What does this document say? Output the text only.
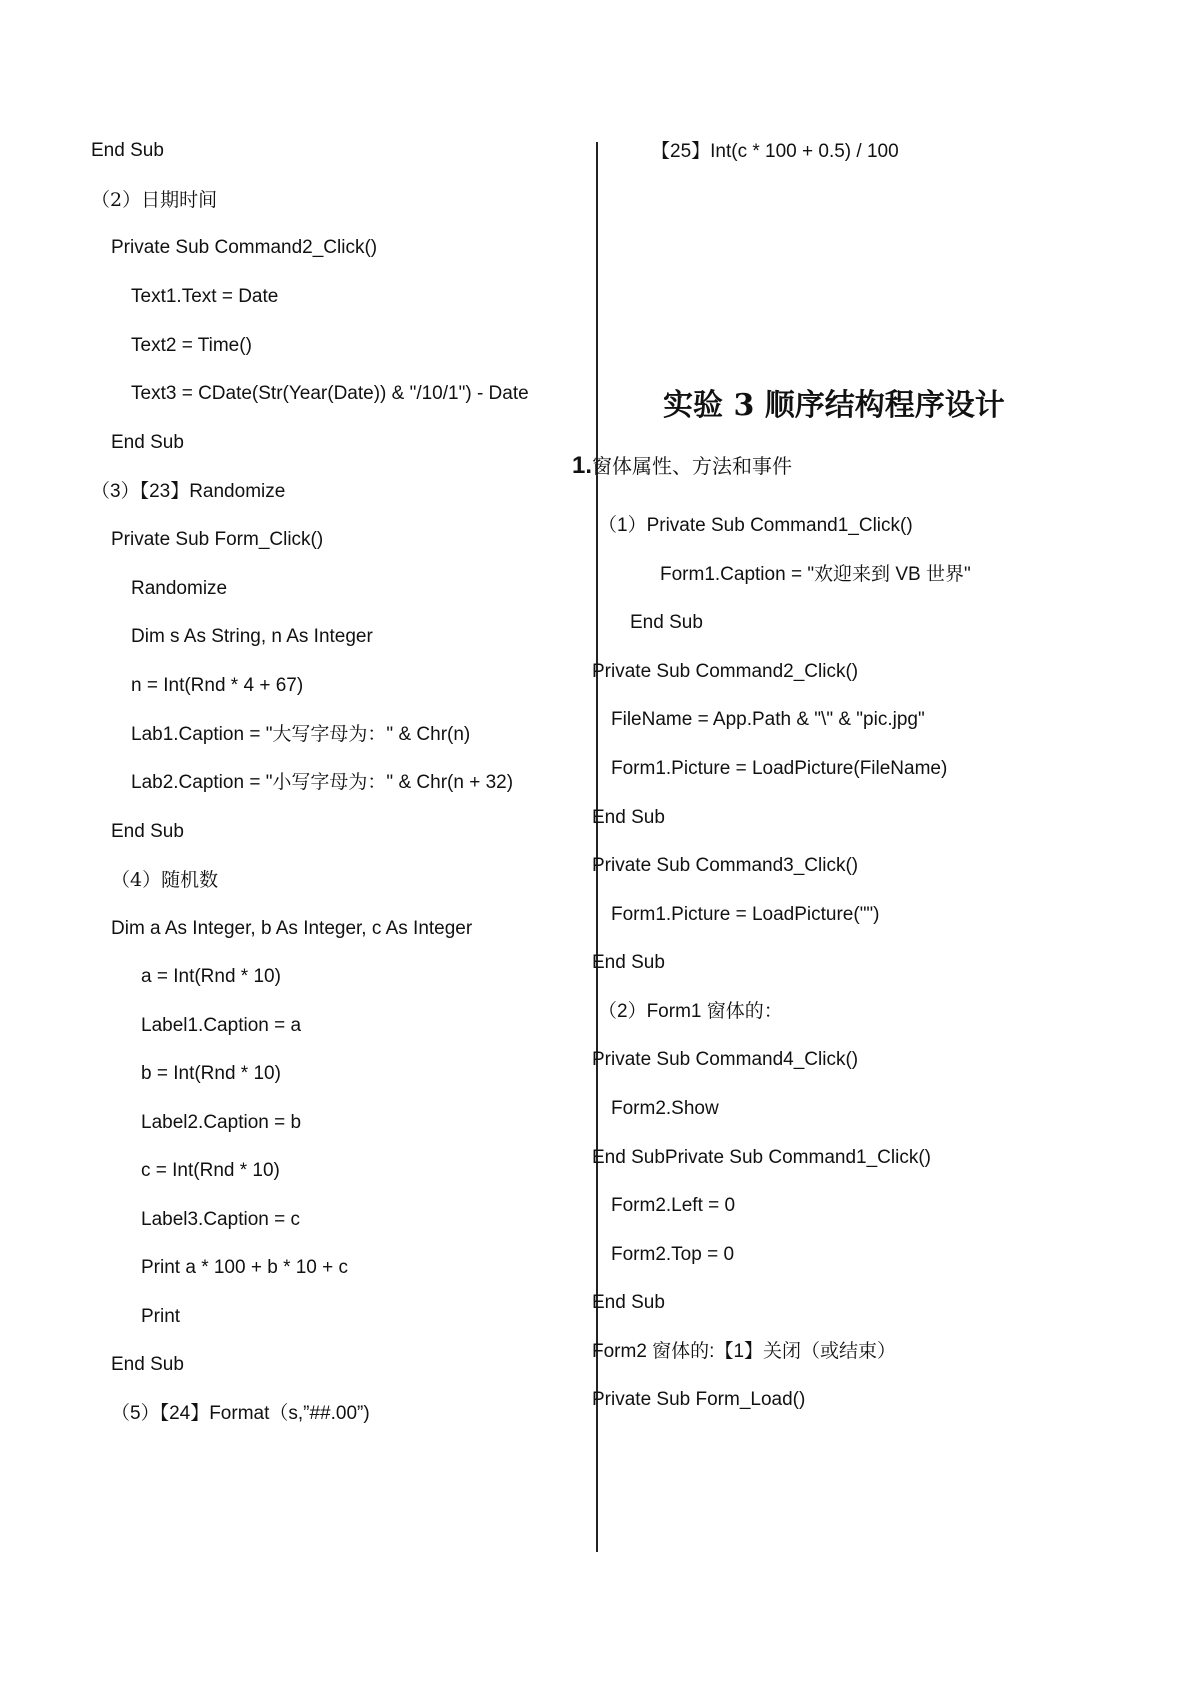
End Sub
（2）日期时间
Private Sub Command2_Click()
Text1.Text = Date
Text2 = Time()
Text3 = CDate(Str(Year(Date)) & "/10/1") - Date
End Sub
（3）【23】Randomize
Private Sub Form_Click()
Randomize
Dim s As String, n As Integer
n = Int(Rnd * 4 + 67)
Lab1.Caption = "大写字母为：" & Chr(n)
Lab2.Caption = "小写字母为：" & Chr(n + 32)
End Sub
（4）随机数
Dim a As Integer, b As Integer, c As Integer
a = Int(Rnd * 10)
Label1.Caption = a
b = Int(Rnd * 10)
Label2.Caption = b
c = Int(Rnd * 10)
Label3.Caption = c
Print a * 100 + b * 10 + c
Print
End Sub
（5）【24】Format（s,”##.00”)
【25】Int(c * 100 + 0.5) / 100
实验 3 顺序结构程序设计
1.窗体属性、方法和事件
（1）Private Sub Command1_Click()
Form1.Caption = "欢迎来到 VB 世界"
End Sub
Private Sub Command2_Click()
FileName = App.Path & "\" & "pic.jpg"
Form1.Picture = LoadPicture(FileName)
End Sub
Private Sub Command3_Click()
Form1.Picture = LoadPicture("")
End Sub
（2）Form1 窗体的：
Private Sub Command4_Click()
Form2.Show
End SubPrivate Sub Command1_Click()
Form2.Left = 0
Form2.Top = 0
End Sub
Form2 窗体的:【1】关闭（或结束）
Private Sub Form_Load()
